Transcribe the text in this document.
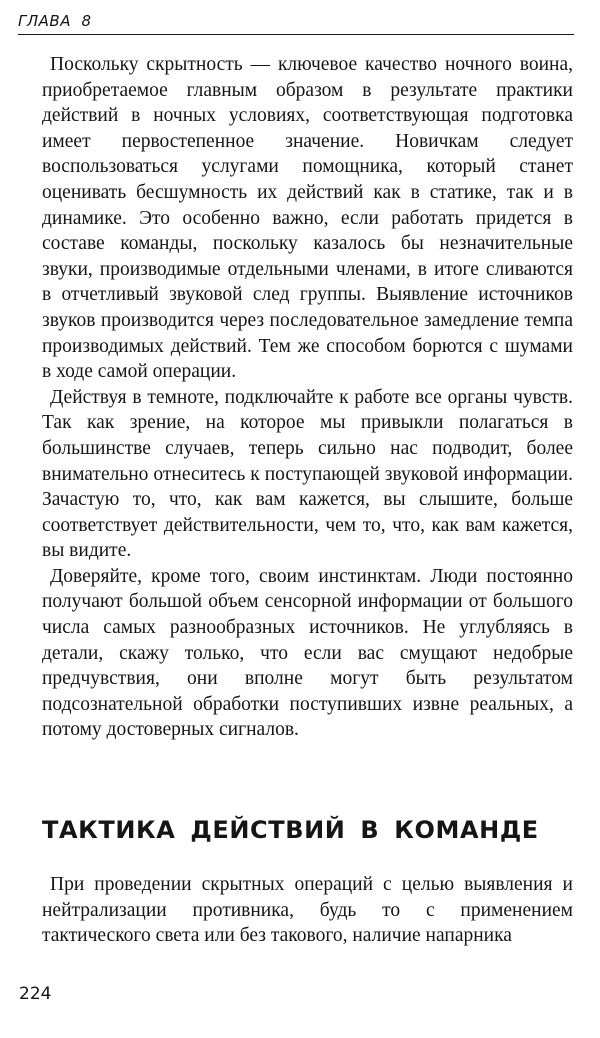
ГЛАВА  8

Поскольку скрытность — ключевое качество ночного воина, приобретаемое главным образом в результате практики действий в ночных условиях, соответствующая подготовка имеет первостепенное значение. Новичкам следует воспользоваться услугами помощника, который станет оценивать бесшумность их действий как в статике, так и в динамике. Это особенно важно, если работать придется в составе команды, поскольку казалось бы незначительные звуки, производимые отдельными членами, в итоге сливаются в отчетливый звуковой след группы. Выявление источников звуков производится через последовательное замедление темпа производимых действий. Тем же способом борются с шумами в ходе самой операции.

Действуя в темноте, подключайте к работе все органы чувств. Так как зрение, на которое мы привыкли полагаться в большинстве случаев, теперь сильно нас подводит, более внимательно отнеситесь к поступающей звуковой информации. Зачастую то, что, как вам кажется, вы слышите, больше соответствует действительности, чем то, что, как вам кажется, вы видите.

Доверяйте, кроме того, своим инстинктам. Люди постоянно получают большой объем сенсорной информации от большого числа самых разнообразных источников. Не углубляясь в детали, скажу только, что если вас смущают недобрые предчувствия, они вполне могут быть результатом подсознательной обработки поступивших извне реальных, а потому достоверных сигналов.

ТАКТИКА ДЕЙСТВИЙ В КОМАНДЕ

При проведении скрытных операций с целью выявления и нейтрализации противника, будь то с применением тактического света или без такового, наличие напарника

224
